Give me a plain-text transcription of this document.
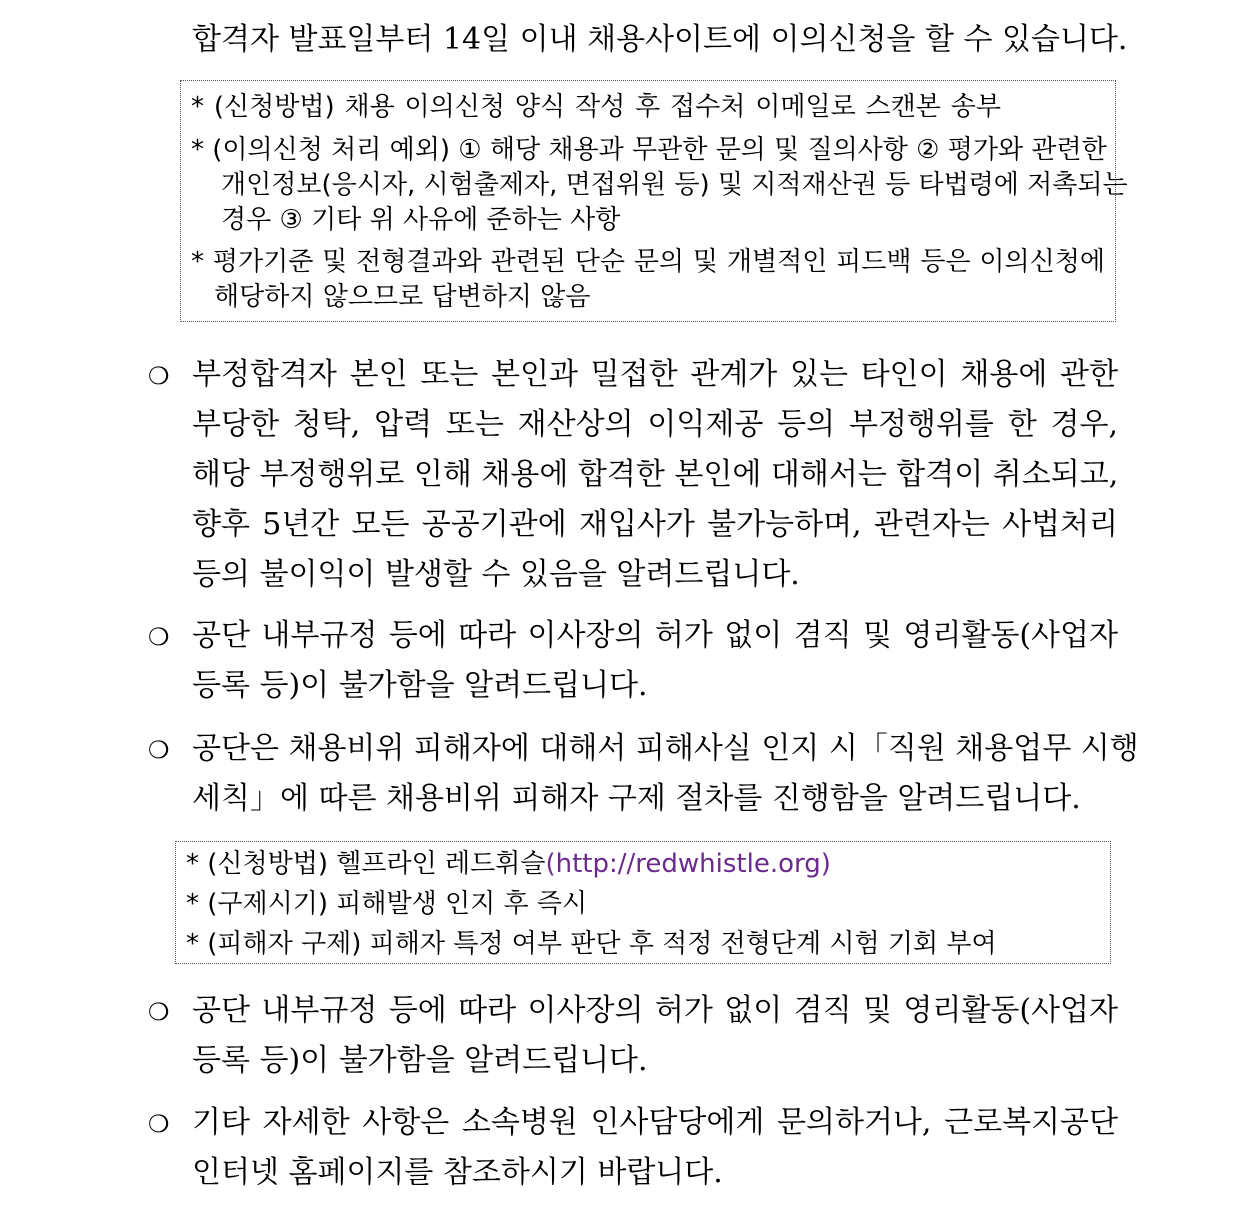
합격자 발표일부터 14일 이내 채용사이트에 이의신청을 할 수 있습니다.
* (신청방법) 채용 이의신청 양식 작성 후 접수처 이메일로 스캔본 송부
* (이의신청 처리 예외) ① 해당 채용과 무관한 문의 및 질의사항 ② 평가와 관련한
개인정보(응시자, 시험출제자, 면접위원 등) 및 지적재산권 등 타법령에 저촉되는
경우 ③ 기타 위 사유에 준하는 사항
* 평가기준 및 전형결과와 관련된 단순 문의 및 개별적인 피드백 등은 이의신청에
해당하지 않으므로 답변하지 않음
❍ 부정합격자 본인 또는 본인과 밀접한 관계가 있는 타인이 채용에 관한
부당한 청탁, 압력 또는 재산상의 이익제공 등의 부정행위를 한 경우,
해당 부정행위로 인해 채용에 합격한 본인에 대해서는 합격이 취소되고,
향후 5년간 모든 공공기관에 재입사가 불가능하며, 관련자는 사법처리
등의 불이익이 발생할 수 있음을 알려드립니다.
❍ 공단 내부규정 등에 따라 이사장의 허가 없이 겸직 및 영리활동(사업자
등록 등)이 불가함을 알려드립니다.
❍ 공단은 채용비위 피해자에 대해서 피해사실 인지 시「직원 채용업무 시행
세칙」에 따른 채용비위 피해자 구제 절차를 진행함을 알려드립니다.
* (신청방법) 헬프라인 레드휘슬(http://redwhistle.org)
* (구제시기) 피해발생 인지 후 즉시
* (피해자 구제) 피해자 특정 여부 판단 후 적정 전형단계 시험 기회 부여
❍ 공단 내부규정 등에 따라 이사장의 허가 없이 겸직 및 영리활동(사업자
등록 등)이 불가함을 알려드립니다.
❍ 기타 자세한 사항은 소속병원 인사담당에게 문의하거나, 근로복지공단
인터넷 홈페이지를 참조하시기 바랍니다.
